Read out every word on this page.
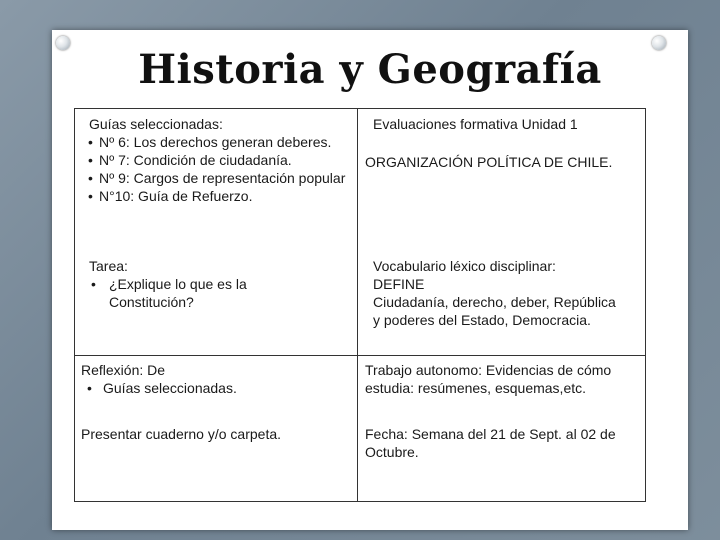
Historia y Geografía
Guías seleccionadas:
• Nº 6: Los derechos generan deberes.
• Nº 7: Condición de ciudadanía.
• Nº 9: Cargos de representación popular
• N°10: Guía de Refuerzo.
Tarea:
• ¿Explique lo que es la Constitución?
Reflexión: De
• Guías seleccionadas.
Presentar cuaderno y/o carpeta.
Evaluaciones formativa Unidad 1
ORGANIZACIÓN POLÍTICA DE CHILE.
Vocabulario léxico disciplinar:
DEFINE
Ciudadanía, derecho, deber, República y poderes del Estado, Democracia.
Trabajo autonomo: Evidencias de cómo estudia: resúmenes, esquemas,etc.
Fecha: Semana del 21 de Sept. al 02 de Octubre.
